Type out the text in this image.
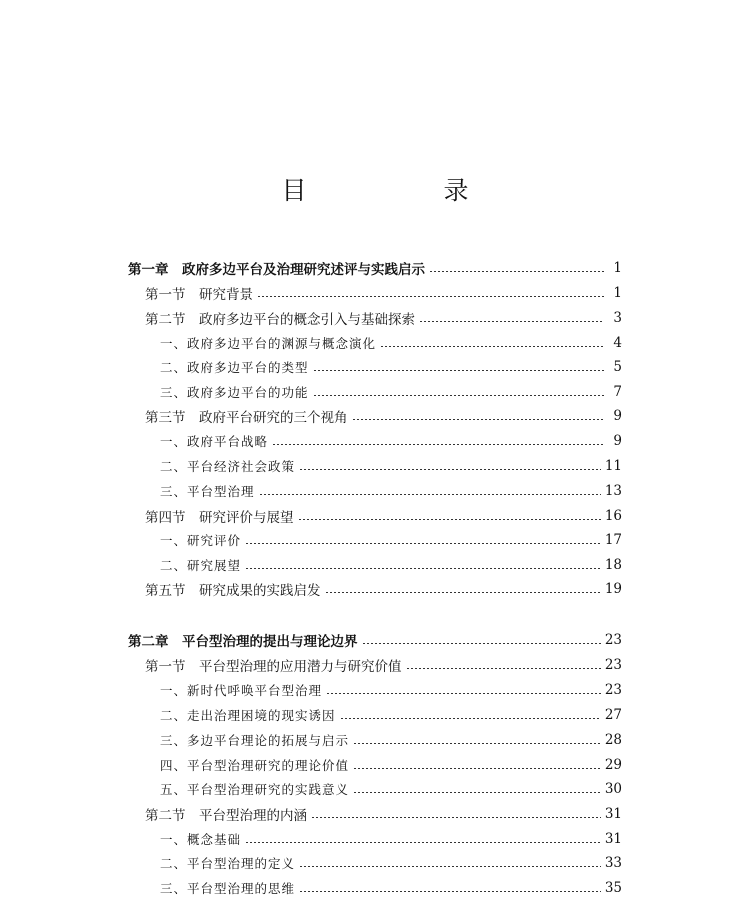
目　录
第一章　政府多边平台及治理研究述评与实践启示	1
第一节　研究背景	1
第二节　政府多边平台的概念引入与基础探索	3
一、政府多边平台的渊源与概念演化	4
二、政府多边平台的类型	5
三、政府多边平台的功能	7
第三节　政府平台研究的三个视角	9
一、政府平台战略	9
二、平台经济社会政策	11
三、平台型治理	13
第四节　研究评价与展望	16
一、研究评价	17
二、研究展望	18
第五节　研究成果的实践启发	19
第二章　平台型治理的提出与理论边界	23
第一节　平台型治理的应用潜力与研究价值	23
一、新时代呼唤平台型治理	23
二、走出治理困境的现实诱因	27
三、多边平台理论的拓展与启示	28
四、平台型治理研究的理论价值	29
五、平台型治理研究的实践意义	30
第二节　平台型治理的内涵	31
一、概念基础	31
二、平台型治理的定义	33
三、平台型治理的思维	35
